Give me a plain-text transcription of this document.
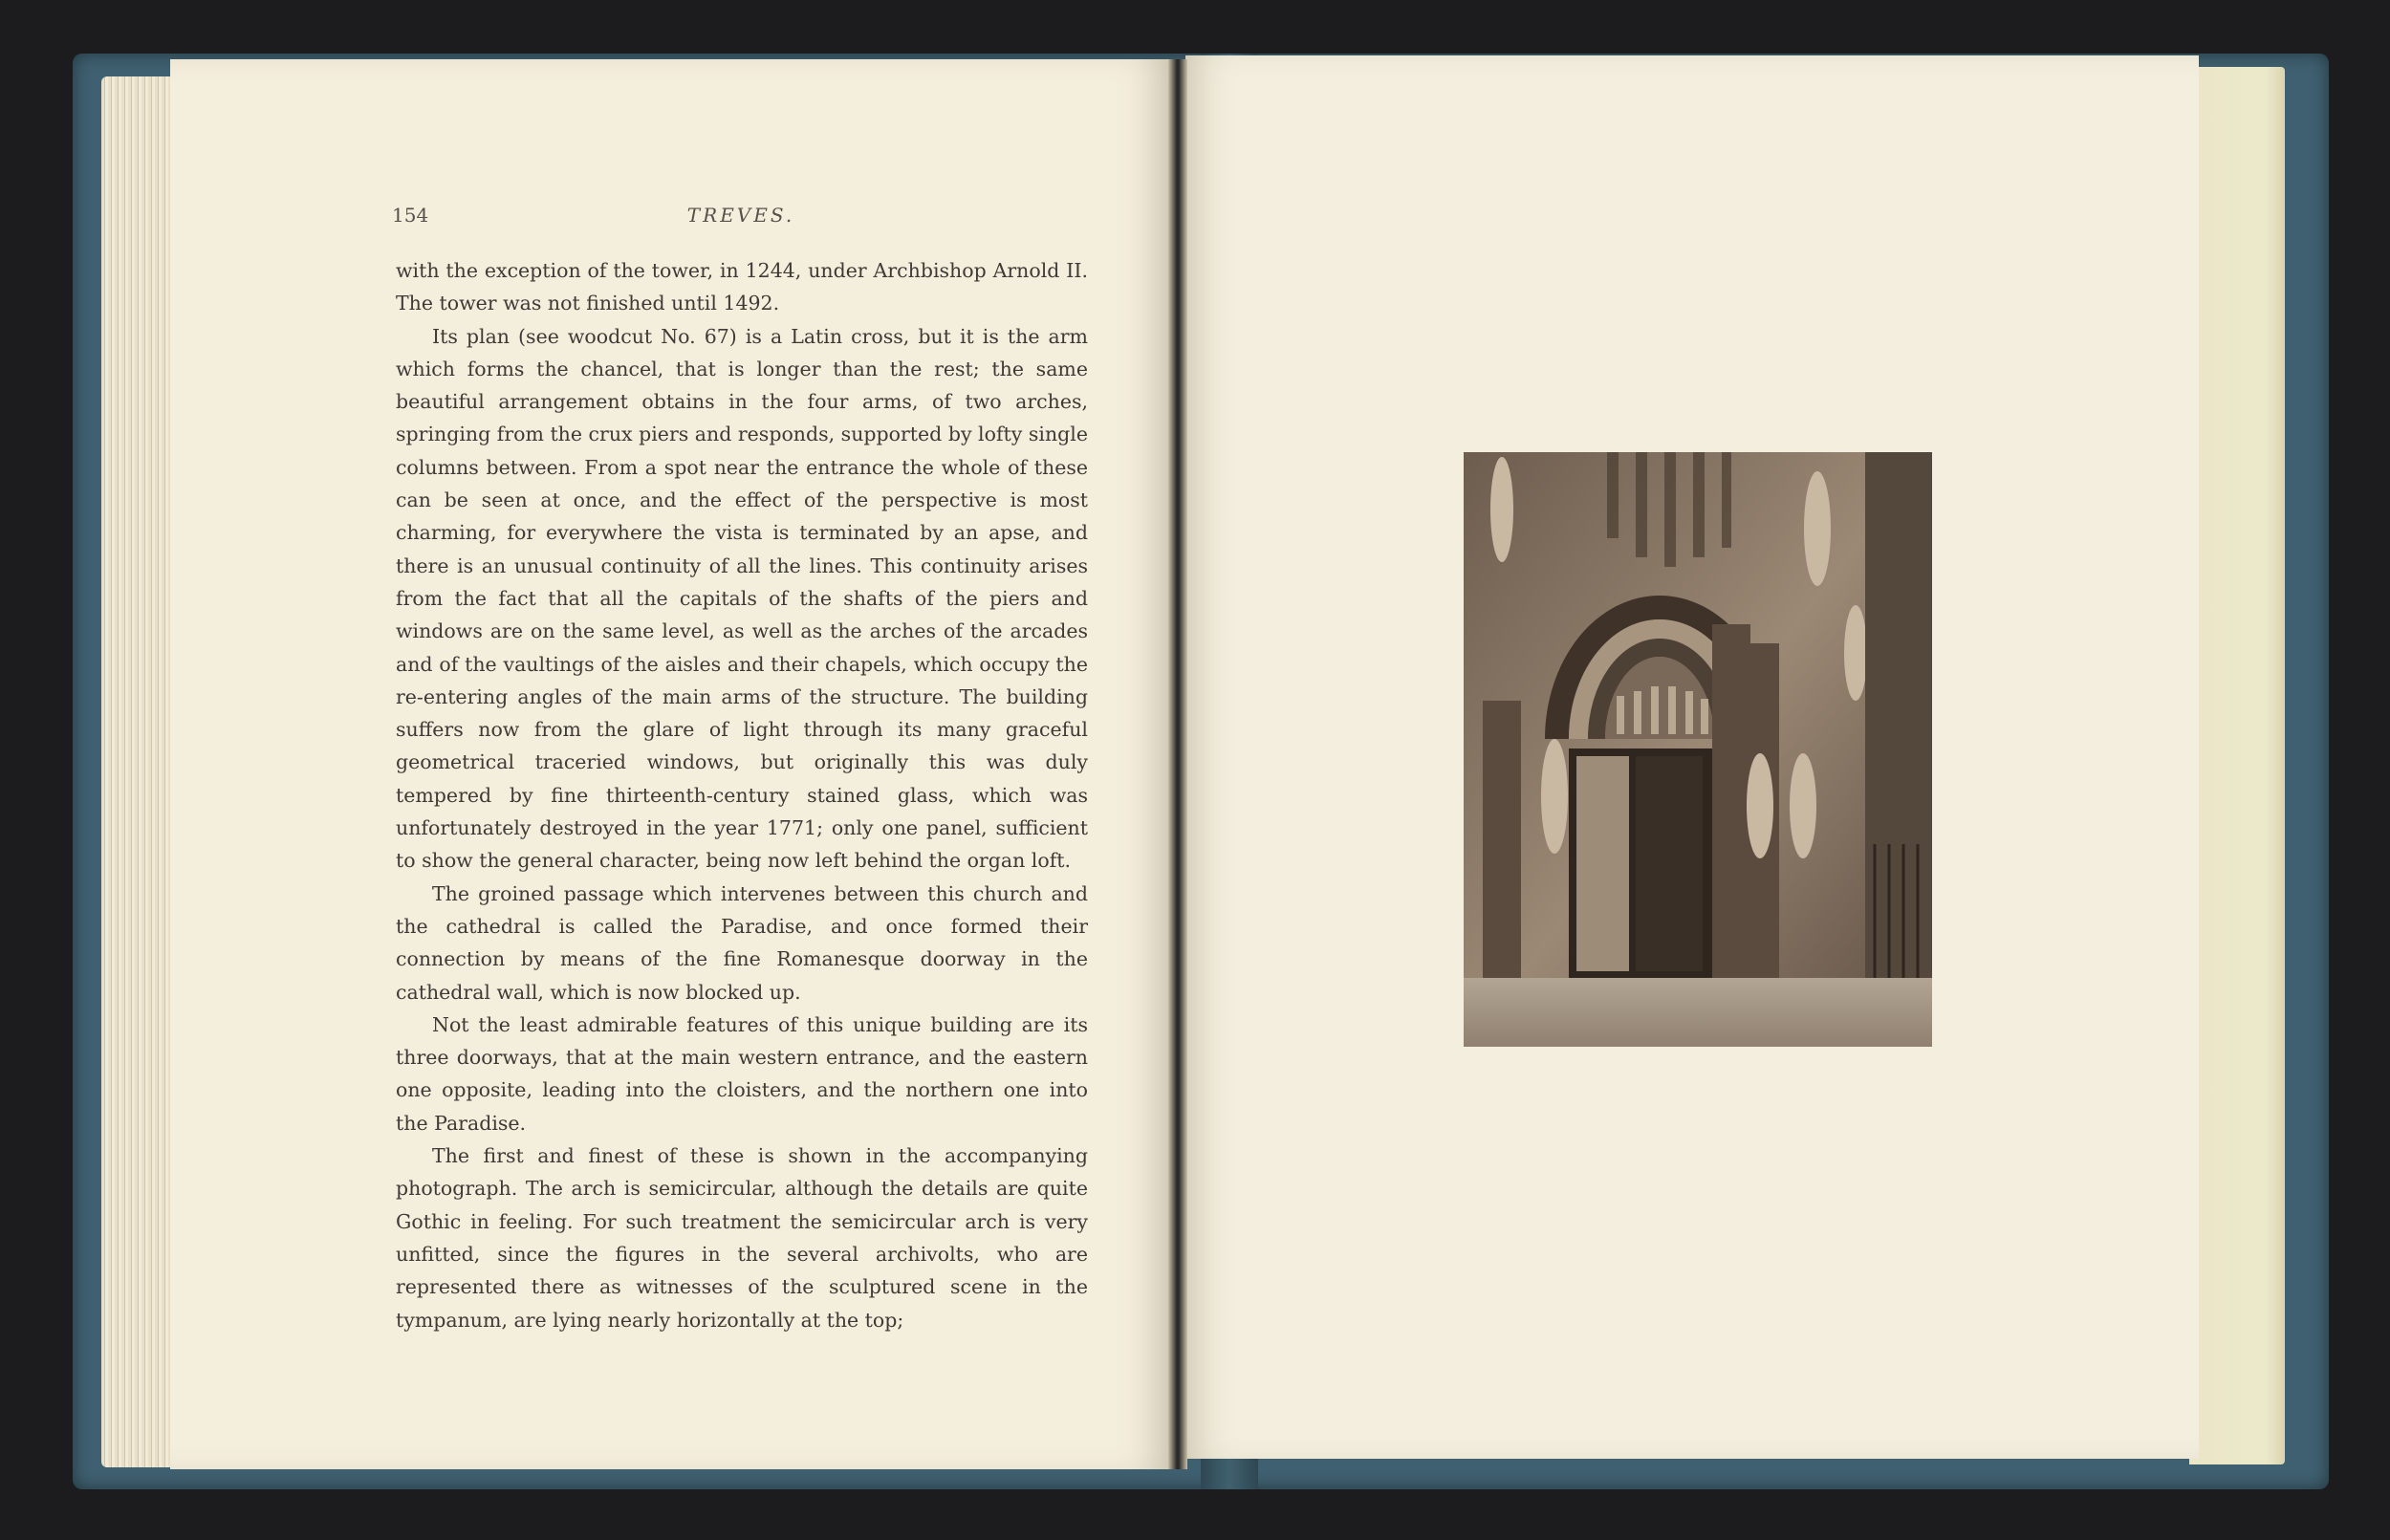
154	TREVES.

with the exception of the tower, in 1244, under Archbishop Arnold II. The tower was not finished until 1492.

Its plan (see woodcut No. 67) is a Latin cross, but it is the arm which forms the chancel, that is longer than the rest; the same beautiful arrangement obtains in the four arms, of two arches, springing from the crux piers and responds, supported by lofty single columns between. From a spot near the entrance the whole of these can be seen at once, and the effect of the perspective is most charming, for everywhere the vista is terminated by an apse, and there is an unusual continuity of all the lines. This continuity arises from the fact that all the capitals of the shafts of the piers and windows are on the same level, as well as the arches of the arcades and of the vaultings of the aisles and their chapels, which occupy the re-entering angles of the main arms of the structure. The building suffers now from the glare of light through its many graceful geometrical traceried windows, but originally this was duly tempered by fine thirteenth-century stained glass, which was unfortunately destroyed in the year 1771; only one panel, sufficient to show the general character, being now left behind the organ loft.

The groined passage which intervenes between this church and the cathedral is called the Paradise, and once formed their connection by means of the fine Romanesque doorway in the cathedral wall, which is now blocked up.

Not the least admirable features of this unique building are its three doorways, that at the main western entrance, and the eastern one opposite, leading into the cloisters, and the northern one into the Paradise.

The first and finest of these is shown in the accompanying photograph. The arch is semicircular, although the details are quite Gothic in feeling. For such treatment the semicircular arch is very unfitted, since the figures in the several archivolts, who are represented there as witnesses of the sculptured scene in the tympanum, are lying nearly horizontally at the top;
